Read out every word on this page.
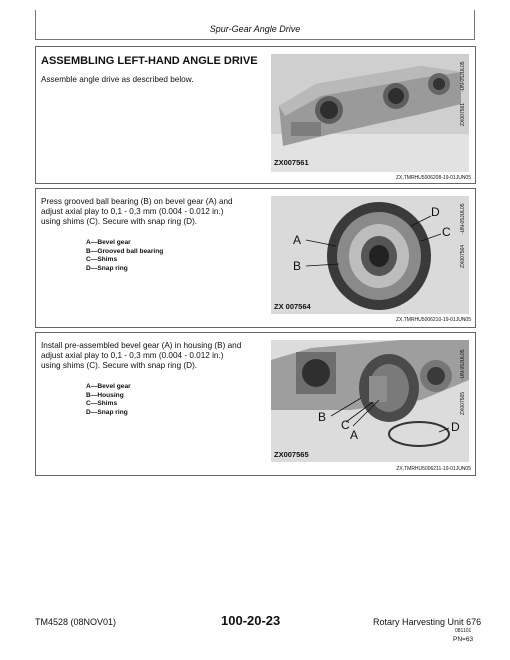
Spur-Gear Angle Drive
ASSEMBLING LEFT-HAND ANGLE DRIVE
Assemble angle drive as described below.
ZX007561
ZX007561
-UN-05JUL05
ZX,TMRHU5006208-19-01JUN05
Press grooved ball bearing (B) on bevel gear (A) and
adjust axial play to 0,1 - 0,3 mm (0.004 - 0.012 in.)
using shims (C). Secure with snap ring (D).
A—Bevel gear
B—Grooved ball bearing
C—Shims
D—Snap ring
D
C
A
B
ZX 007564
ZX007564
-UN-05JUL05
ZX,TMRHU5006210-19-01JUN05
Install pre-assembled bevel gear (A) in housing (B) and
adjust axial play to 0,1 - 0,3 mm (0.004 - 0.012 in.)
using shims (C). Secure with snap ring (D).
A—Bevel gear
B—Housing
C—Shims
D—Snap ring	B
C
A
D
ZX007565
ZX007565
-UN-05JUL05
ZX,TMRHU5006211-19-01JUN05
TM4528 (08NOV01)	100-20-23	Rotary Harvesting Unit 676
081101
PN=63
